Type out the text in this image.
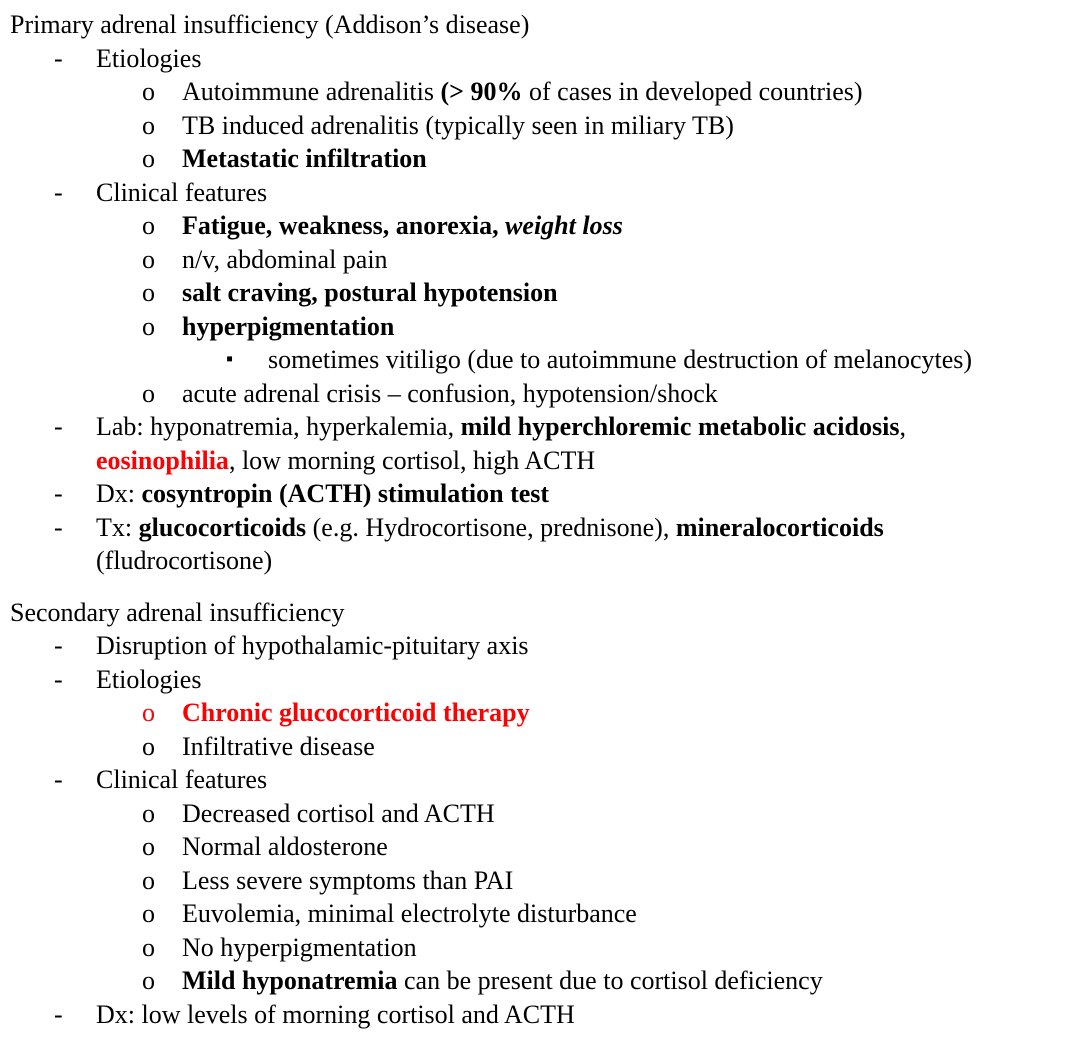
Primary adrenal insufficiency (Addison’s disease)
- Etiologies
o Autoimmune adrenalitis (> 90% of cases in developed countries)
o TB induced adrenalitis (typically seen in miliary TB)
o Metastatic infiltration
- Clinical features
o Fatigue, weakness, anorexia, weight loss
o n/v, abdominal pain
o salt craving, postural hypotension
o hyperpigmentation
▪ sometimes vitiligo (due to autoimmune destruction of melanocytes)
o acute adrenal crisis – confusion, hypotension/shock
- Lab: hyponatremia, hyperkalemia, mild hyperchloremic metabolic acidosis,
eosinophilia, low morning cortisol, high ACTH
- Dx: cosyntropin (ACTH) stimulation test
- Tx: glucocorticoids (e.g. Hydrocortisone, prednisone), mineralocorticoids
(fludrocortisone)
Secondary adrenal insufficiency
- Disruption of hypothalamic-pituitary axis
- Etiologies
o Chronic glucocorticoid therapy
o Infiltrative disease
- Clinical features
o Decreased cortisol and ACTH
o Normal aldosterone
o Less severe symptoms than PAI
o Euvolemia, minimal electrolyte disturbance
o No hyperpigmentation
o Mild hyponatremia can be present due to cortisol deficiency
- Dx: low levels of morning cortisol and ACTH
